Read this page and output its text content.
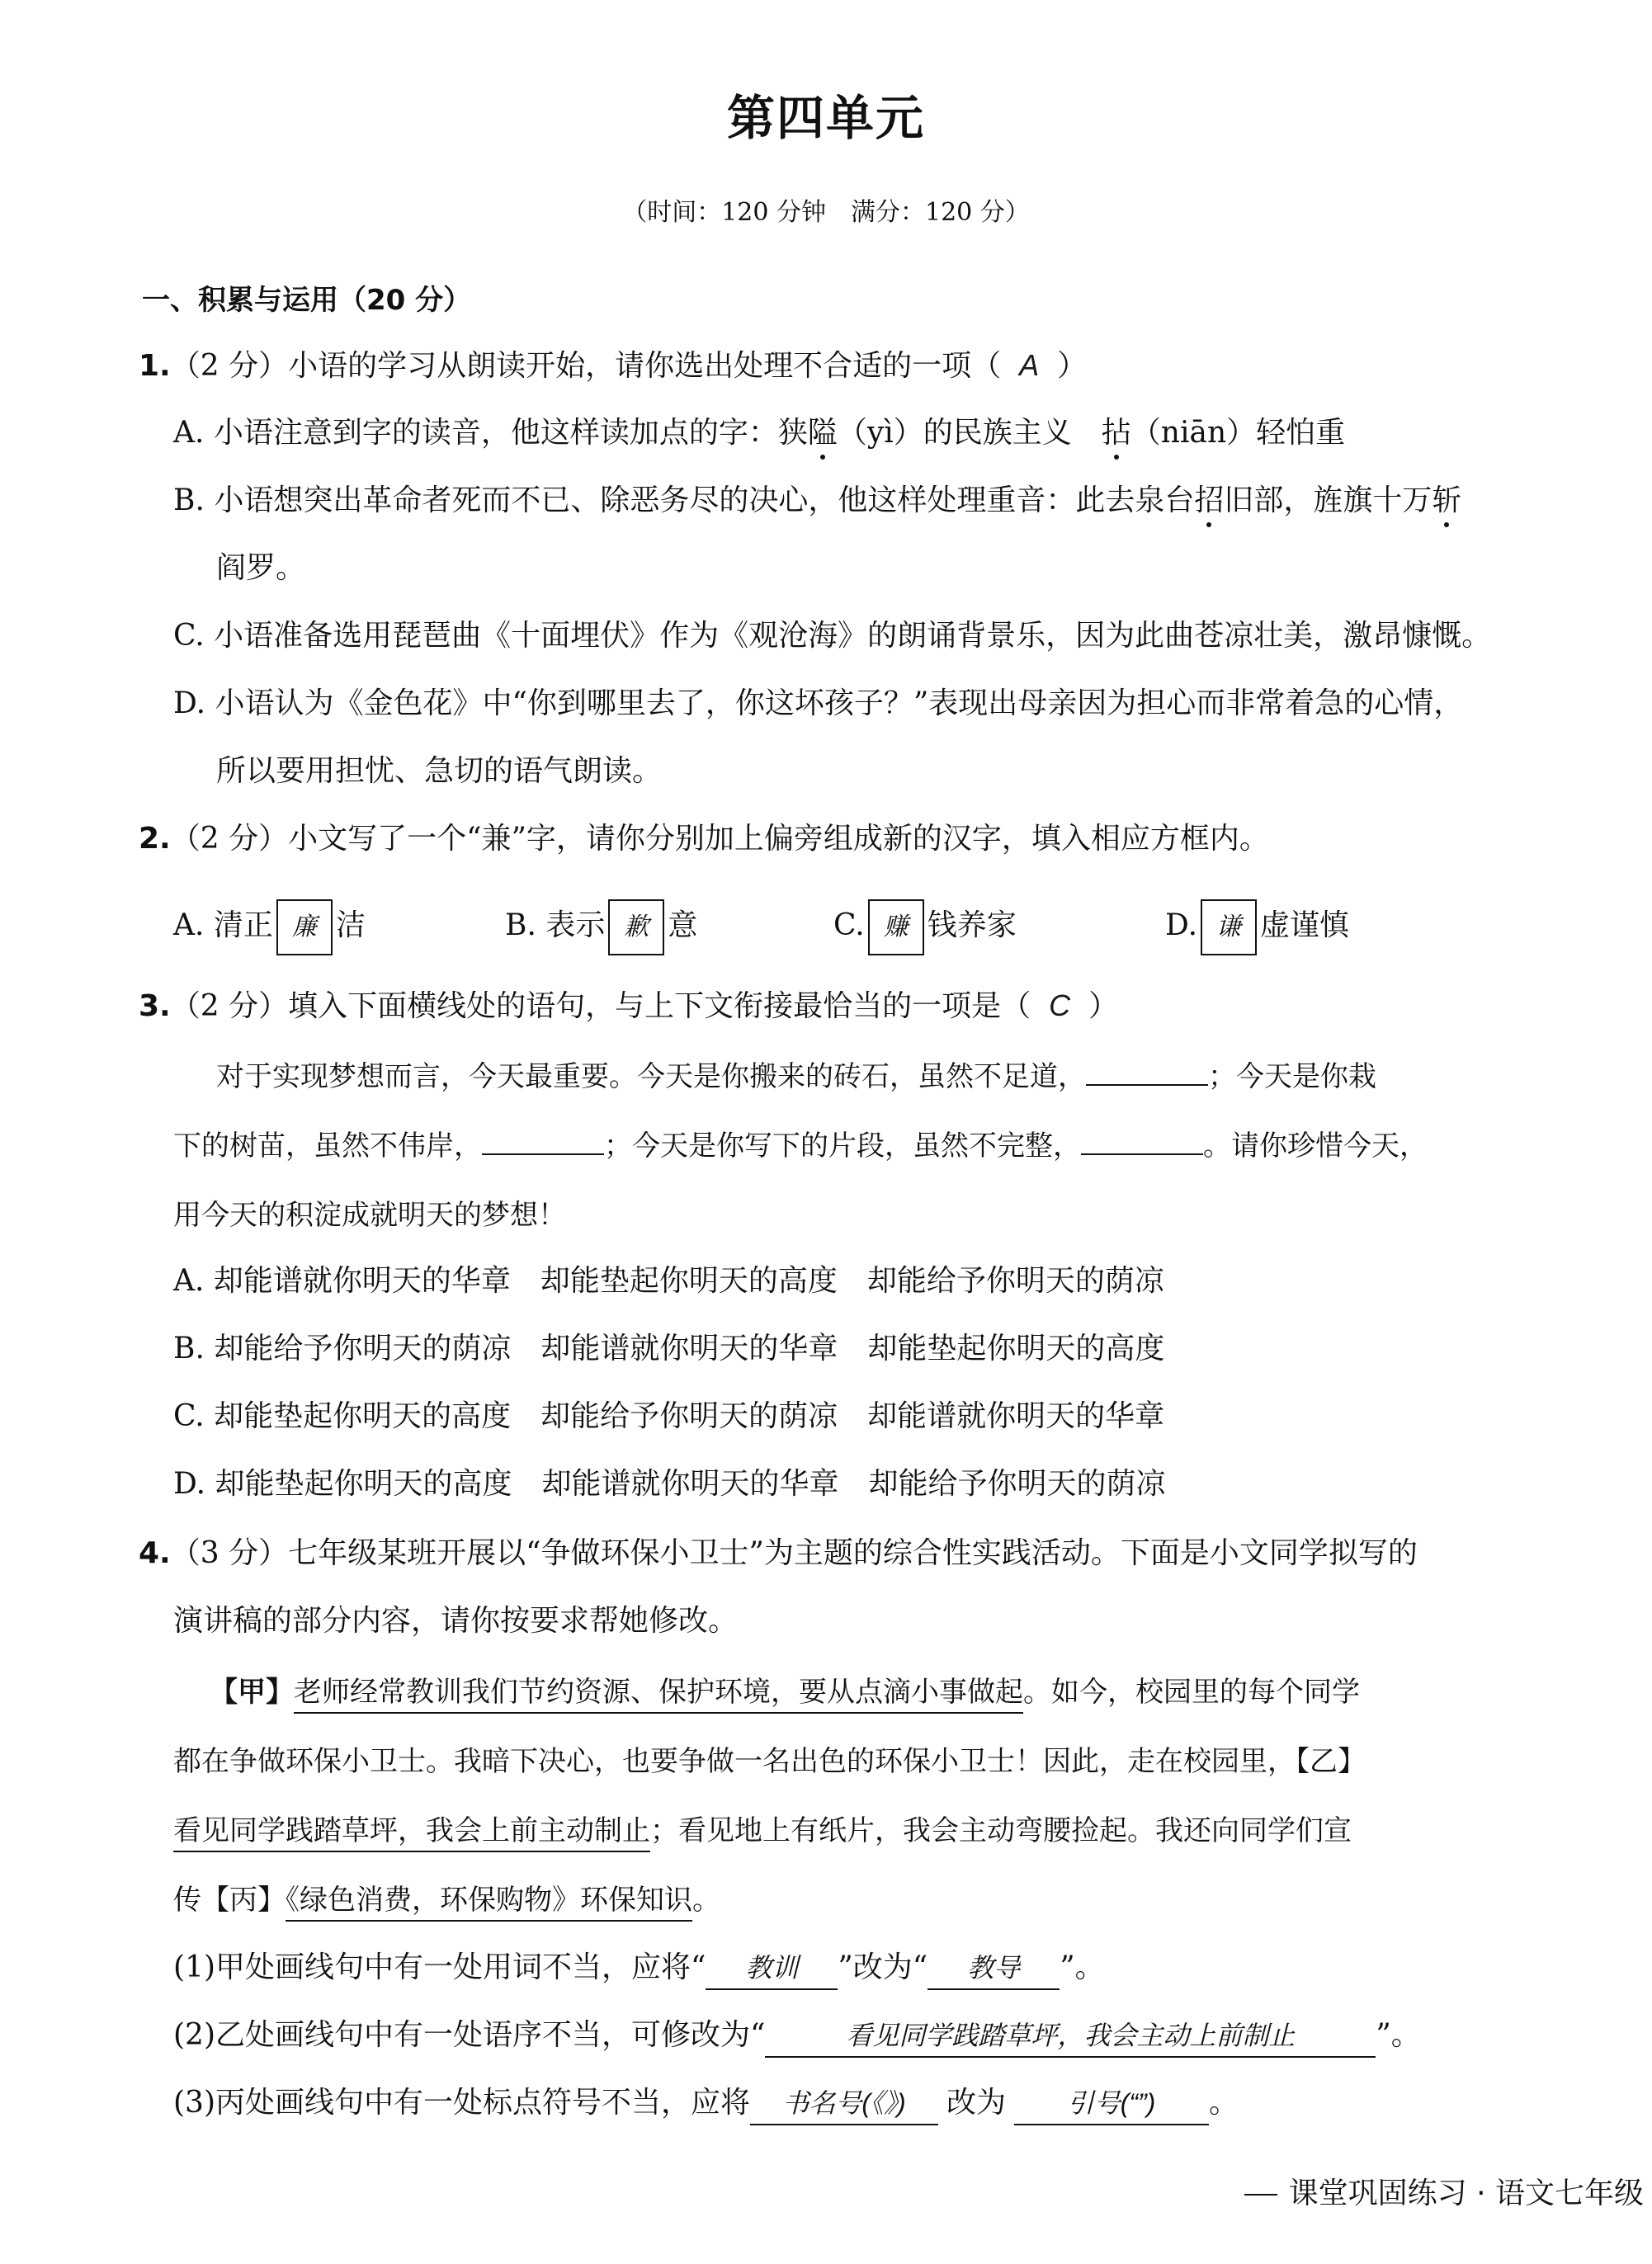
第四单元
（时间：120 分钟　满分：120 分）
一、积累与运用（20 分）
1.（2 分）小语的学习从朗读开始，请你选出处理不合适的一项（ A ）
A. 小语注意到字的读音，他这样读加点的字：狭隘（yì）的民族主义　拈（niān）轻怕重
B. 小语想突出革命者死而不已、除恶务尽的决心，他这样处理重音：此去泉台招旧部，旌旗十万斩
阎罗。
C. 小语准备选用琵琶曲《十面埋伏》作为《观沧海》的朗诵背景乐，因为此曲苍凉壮美，激昂慷慨。
D. 小语认为《金色花》中“你到哪里去了，你这坏孩子？”表现出母亲因为担心而非常着急的心情，
所以要用担忧、急切的语气朗读。
2.（2 分）小文写了一个“兼”字，请你分别加上偏旁组成新的汉字，填入相应方框内。
A. 清正 廉 洁	B. 表示 歉 意	C. 赚 钱养家	D. 谦 虚谨慎
3.（2 分）填入下面横线处的语句，与上下文衔接最恰当的一项是（ C ）
对于实现梦想而言，今天最重要。今天是你搬来的砖石，虽然不足道，	；今天是你栽
下的树苗，虽然不伟岸，	；今天是你写下的片段，虽然不完整，	。请你珍惜今天，
用今天的积淀成就明天的梦想！
A. 却能谱就你明天的华章　却能垫起你明天的高度　却能给予你明天的荫凉
B. 却能给予你明天的荫凉　却能谱就你明天的华章　却能垫起你明天的高度
C. 却能垫起你明天的高度　却能给予你明天的荫凉　却能谱就你明天的华章
D. 却能垫起你明天的高度　却能谱就你明天的华章　却能给予你明天的荫凉
4.（3 分）七年级某班开展以“争做环保小卫士”为主题的综合性实践活动。下面是小文同学拟写的
演讲稿的部分内容，请你按要求帮她修改。
【甲】老师经常教训我们节约资源、保护环境，要从点滴小事做起。如今，校园里的每个同学
都在争做环保小卫士。我暗下决心，也要争做一名出色的环保小卫士！因此，走在校园里，【乙】
看见同学践踏草坪，我会上前主动制止；看见地上有纸片，我会主动弯腰捡起。我还向同学们宣
传【丙】《绿色消费，环保购物》环保知识。
(1)甲处画线句中有一处用词不当，应将“ 教训 ”改为“ 教导 ”。
(2)乙处画线句中有一处语序不当，可修改为“	看见同学践踏草坪，我会主动上前制止	”。
(3)丙处画线句中有一处标点符号不当，应将 书名号(《》) 改为 引号(“”) 。
课堂巩固练习 · 语文七年级
